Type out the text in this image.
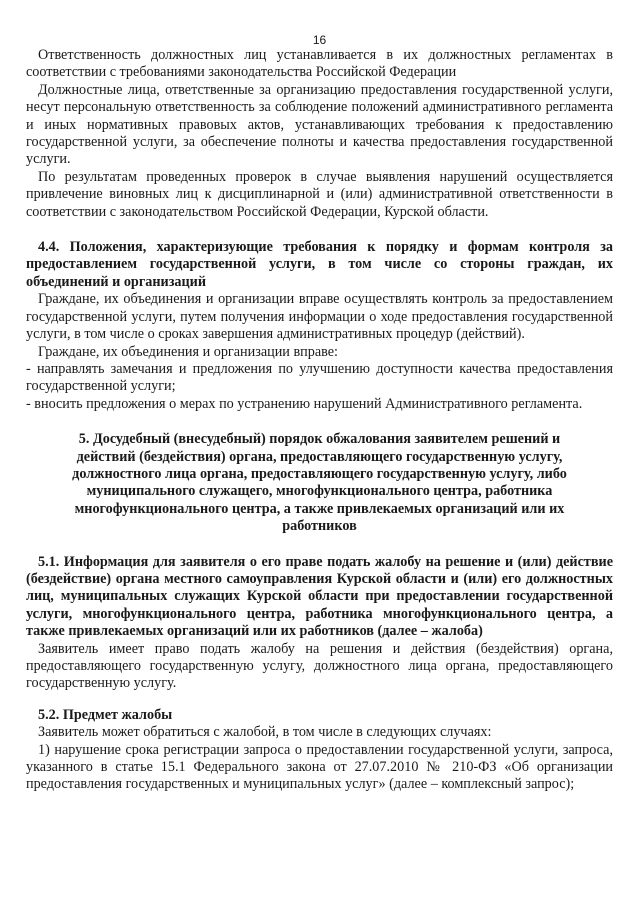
16

Ответственность должностных лиц устанавливается в их должностных регламентах в соответствии с требованиями законодательства Российской Федерации

Должностные лица, ответственные за организацию предоставления государственной услуги, несут персональную ответственность за соблюдение положений административного регламента и иных нормативных правовых актов, устанавливающих требования к предоставлению государственной услуги, за обеспечение полноты и качества предоставления государственной услуги.

По результатам проведенных проверок в случае выявления нарушений осуществляется привлечение виновных лиц к дисциплинарной и (или) административной ответственности в соответствии с законодательством Российской Федерации, Курской области.

4.4. Положения, характеризующие требования к порядку и формам контроля за предоставлением государственной услуги, в том числе со стороны граждан, их объединений и организаций

Граждане, их объединения и организации вправе осуществлять контроль за предоставлением государственной услуги, путем получения информации о ходе предоставления государственной услуги, в том числе о сроках завершения административных процедур (действий).

Граждане, их объединения и организации вправе:

- направлять замечания и предложения по улучшению доступности качества предоставления государственной услуги;

- вносить предложения о мерах по устранению нарушений Административного регламента.

5. Досудебный (внесудебный) порядок обжалования заявителем решений и действий (бездействия) органа, предоставляющего государственную услугу, должностного лица органа, предоставляющего государственную услугу, либо муниципального служащего, многофункционального центра, работника многофункционального центра, а также привлекаемых организаций или их работников

5.1. Информация для заявителя о его праве подать жалобу на решение и (или) действие (бездействие) органа местного самоуправления Курской области и (или) его должностных лиц, муниципальных служащих Курской области при предоставлении государственной услуги, многофункционального центра, работника многофункционального центра, а также привлекаемых организаций или их работников (далее – жалоба)

Заявитель имеет право подать жалобу на решения и действия (бездействия) органа, предоставляющего государственную услугу, должностного лица органа, предоставляющего государственную услугу.

5.2. Предмет жалобы

Заявитель может обратиться с жалобой, в том числе в следующих случаях:

1) нарушение срока регистрации запроса о предоставлении государственной услуги, запроса, указанного в статье 15.1 Федерального закона от 27.07.2010 № 210-ФЗ «Об организации предоставления государственных и муниципальных услуг» (далее – комплексный запрос);
